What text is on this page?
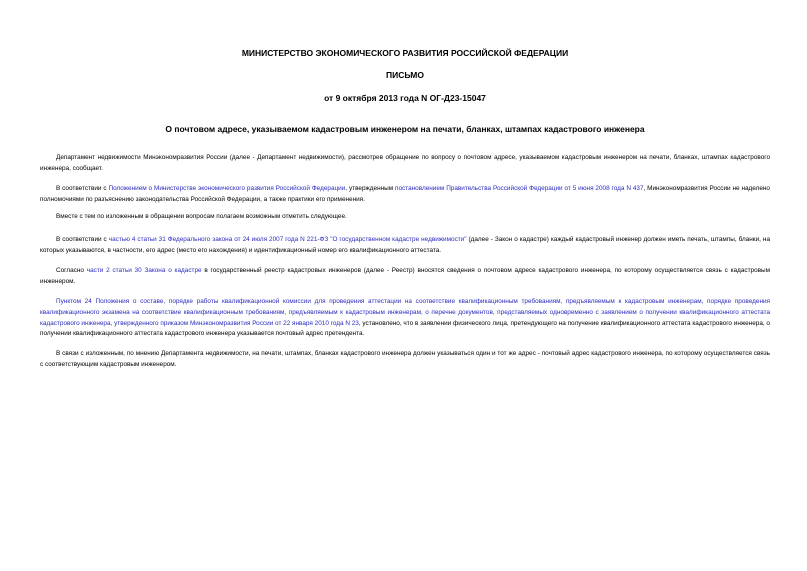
МИНИСТЕРСТВО ЭКОНОМИЧЕСКОГО РАЗВИТИЯ РОССИЙСКОЙ ФЕДЕРАЦИИ
ПИСЬМО
от 9 октября 2013 года N ОГ-Д23-15047
О почтовом адресе, указываемом кадастровым инженером на печати, бланках, штампах кадастрового инженера
Департамент недвижимости Минэкономразвития России (далее - Департамент недвижимости), рассмотрев обращение по вопросу о почтовом адресе, указываемом кадастровым инженером на печати, бланках, штампах кадастрового инженера, сообщает.
В соответствии с Положением о Министерстве экономического развития Российской Федерации, утвержденным постановлением Правительства Российской Федерации от 5 июня 2008 года N 437, Минэкономразвития России не наделено полномочиями по разъяснению законодательства Российской Федерации, а также практики его применения.
Вместе с тем по изложенным в обращении вопросам полагаем возможным отметить следующее.
В соответствии с частью 4 статьи 31 Федерального закона от 24 июля 2007 года N 221-ФЗ "О государственном кадастре недвижимости" (далее - Закон о кадастре) каждый кадастровый инженер должен иметь печать, штампы, бланки, на которых указываются, в частности, его адрес (место его нахождения) и идентификационный номер его квалификационного аттестата.
Согласно части 2 статьи 30 Закона о кадастре в государственный реестр кадастровых инженеров (далее - Реестр) вносятся сведения о почтовом адресе кадастрового инженера, по которому осуществляется связь с кадастровым инженером.
Пунктом 24 Положения о составе, порядке работы квалификационной комиссии для проведения аттестации на соответствие квалификационным требованиям, предъявляемым к кадастровым инженерам, порядке проведения квалификационного экзамена на соответствие квалификационным требованиям, предъявляемым к кадастровым инженерам, о перечне документов, представляемых одновременно с заявлением о получении квалификационного аттестата кадастрового инженера, утвержденного приказом Минэкономразвития России от 22 января 2010 года N 23, установлено, что в заявлении физического лица, претендующего на получение квалификационного аттестата кадастрового инженера, о получении квалификационного аттестата кадастрового инженера указывается почтовый адрес претендента.
В связи с изложенным, по мнению Департамента недвижимости, на печати, штампах, бланках кадастрового инженера должен указываться один и тот же адрес - почтовый адрес кадастрового инженера, по которому осуществляется связь с соответствующим кадастровым инженером.
